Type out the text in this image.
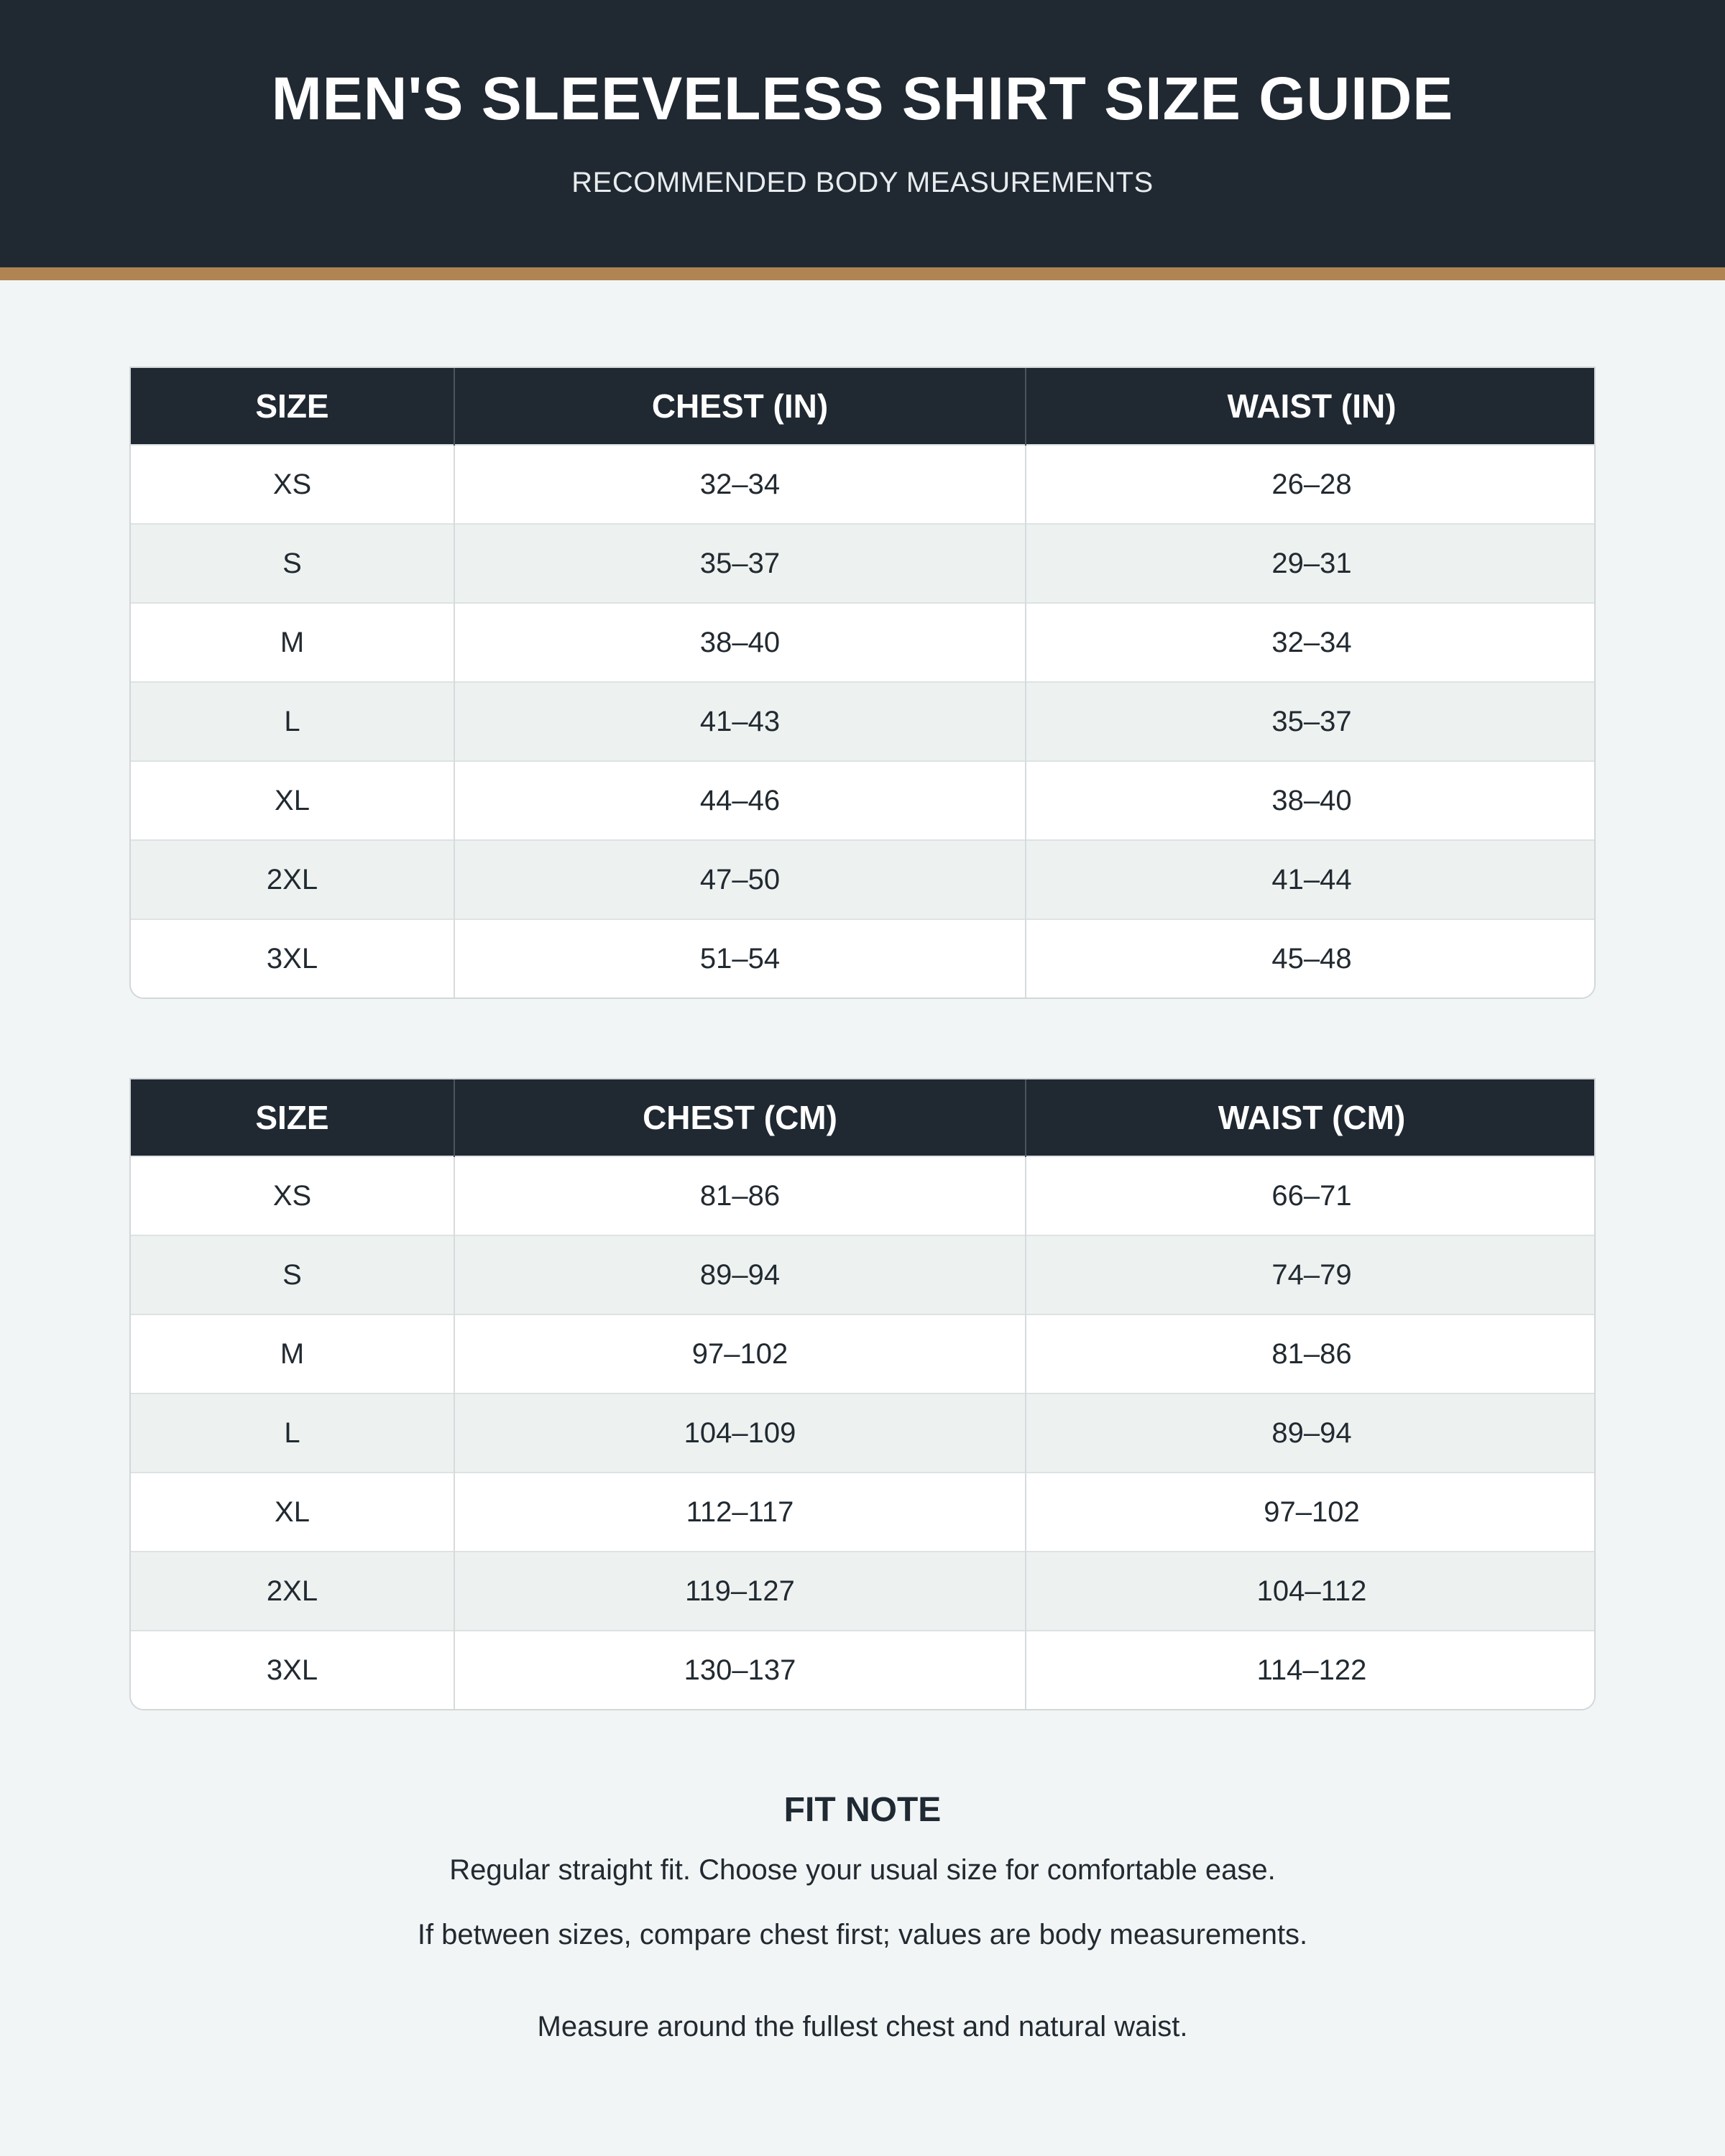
MEN'S SLEEVELESS SHIRT SIZE GUIDE
RECOMMENDED BODY MEASUREMENTS
SIZE	CHEST (IN)	WAIST (IN)
XS	32–34	26–28
S	35–37	29–31
M	38–40	32–34
L	41–43	35–37
XL	44–46	38–40
2XL	47–50	41–44
3XL	51–54	45–48
SIZE	CHEST (CM)	WAIST (CM)
XS	81–86	66–71
S	89–94	74–79
M	97–102	81–86
L	104–109	89–94
XL	112–117	97–102
2XL	119–127	104–112
3XL	130–137	114–122
FIT NOTE

Regular straight fit. Choose your usual size for comfortable ease.

If between sizes, compare chest first; values are body measurements.

Measure around the fullest chest and natural waist.
